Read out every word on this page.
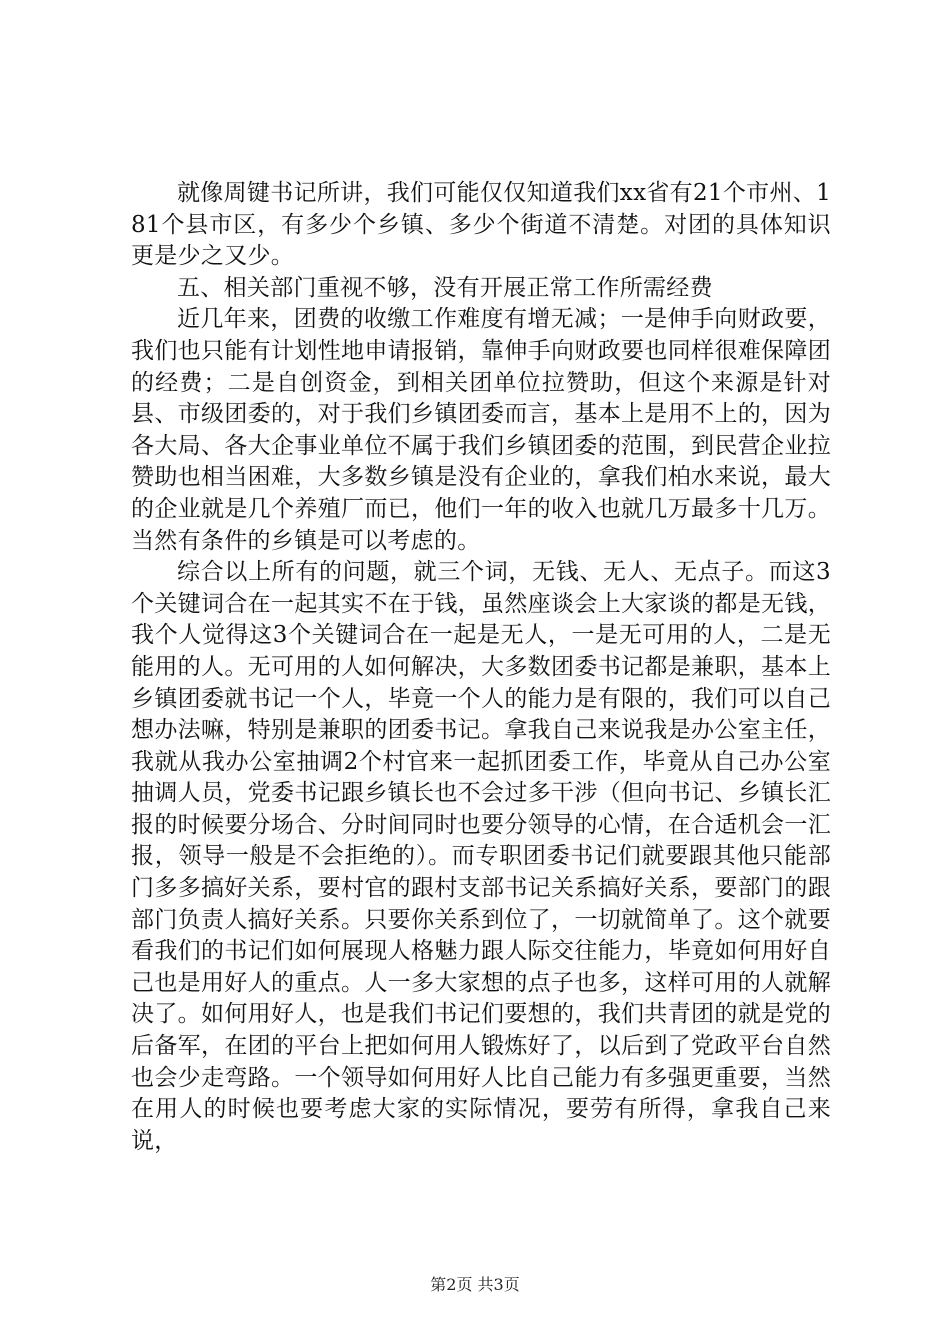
就像周键书记所讲，我们可能仅仅知道我们xx省有21个市州、181个县市区，有多少个乡镇、多少个街道不清楚。对团的具体知识更是少之又少。

五、相关部门重视不够，没有开展正常工作所需经费

近几年来，团费的收缴工作难度有增无减；一是伸手向财政要，我们也只能有计划性地申请报销，靠伸手向财政要也同样很难保障团的经费；二是自创资金，到相关团单位拉赞助，但这个来源是针对县、市级团委的，对于我们乡镇团委而言，基本上是用不上的，因为各大局、各大企事业单位不属于我们乡镇团委的范围，到民营企业拉赞助也相当困难，大多数乡镇是没有企业的，拿我们柏水来说，最大的企业就是几个养殖厂而已，他们一年的收入也就几万最多十几万。当然有条件的乡镇是可以考虑的。

综合以上所有的问题，就三个词，无钱、无人、无点子。而这3个关键词合在一起其实不在于钱，虽然座谈会上大家谈的都是无钱，我个人觉得这3个关键词合在一起是无人，一是无可用的人，二是无能用的人。无可用的人如何解决，大多数团委书记都是兼职，基本上乡镇团委就书记一个人，毕竟一个人的能力是有限的，我们可以自己想办法嘛，特别是兼职的团委书记。拿我自己来说我是办公室主任，我就从我办公室抽调2个村官来一起抓团委工作，毕竟从自己办公室抽调人员，党委书记跟乡镇长也不会过多干涉（但向书记、乡镇长汇报的时候要分场合、分时间同时也要分领导的心情，在合适机会一汇报，领导一般是不会拒绝的）。而专职团委书记们就要跟其他只能部门多多搞好关系，要村官的跟村支部书记关系搞好关系，要部门的跟部门负责人搞好关系。只要你关系到位了，一切就简单了。这个就要看我们的书记们如何展现人格魅力跟人际交往能力，毕竟如何用好自己也是用好人的重点。人一多大家想的点子也多，这样可用的人就解决了。如何用好人，也是我们书记们要想的，我们共青团的就是党的后备军，在团的平台上把如何用人锻炼好了，以后到了党政平台自然也会少走弯路。一个领导如何用好人比自己能力有多强更重要，当然在用人的时候也要考虑大家的实际情况，要劳有所得，拿我自己来说，

第2页 共3页
